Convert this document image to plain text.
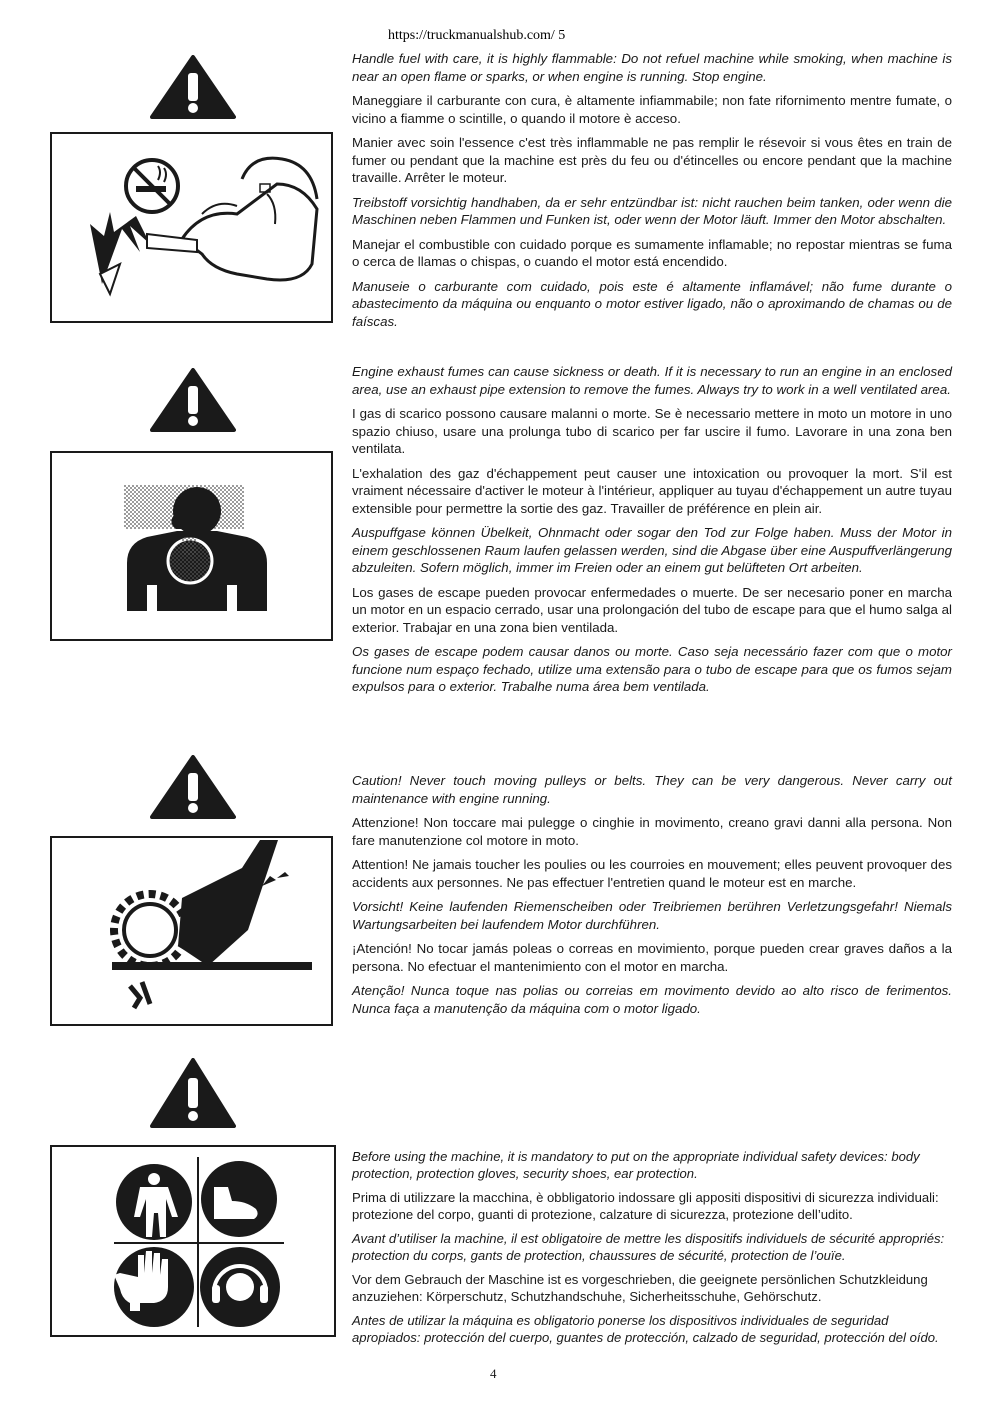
https://truckmanualshub.com/ 5

Handle fuel with care, it is highly flammable: Do not refuel machine while smoking, when machine is near an open flame or sparks, or when engine is running. Stop engine.

Maneggiare il carburante con cura, è altamente infiammabile; non fate rifornimento mentre fumate, o vicino a fiamme o scintille, o quando il motore è acceso.

Manier avec soin l'essence c'est très inflammable ne pas remplir le résevoir si vous êtes en train de fumer ou pendant que la machine est près du feu ou d'étincelles ou encore pendant que la machine travaille. Arrêter le moteur.

Treibstoff vorsichtig handhaben, da er sehr entzündbar ist: nicht rauchen beim tanken, oder wenn die Maschinen neben Flammen und Funken ist, oder wenn der Motor läuft. Immer den Motor abschalten.

Manejar el combustible con cuidado porque es sumamente inflamable; no repostar mientras se fuma o cerca de llamas o chispas, o cuando el motor está encendido.

Manuseie o carburante com cuidado, pois este é altamente inflamável; não fume durante o abastecimento da máquina ou enquanto o motor estiver ligado, não o aproximando de chamas ou de faíscas.

Engine exhaust fumes can cause sickness or death. If it is necessary to run an engine in an enclosed area, use an exhaust pipe extension to remove the fumes. Always try to work in a well ventilated area.

I gas di scarico possono causare malanni o morte. Se è necessario mettere in moto un motore in uno spazio chiuso, usare una prolunga tubo di scarico per far uscire il fumo. Lavorare in una zona ben ventilata.

L'exhalation des gaz d'échappement peut causer une intoxication ou provoquer la mort. S'il est vraiment nécessaire d'activer le moteur à l'intérieur, appliquer au tuyau d'échappement un autre tuyau extensible pour permettre la sortie des gaz. Travailler de préférence en plein air.

Auspuffgase können Übelkeit, Ohnmacht oder sogar den Tod zur Folge haben. Muss der Motor in einem geschlossenen Raum laufen gelassen werden, sind die Abgase über eine Auspuffverlängerung abzuleiten. Sofern möglich, immer im Freien oder an einem gut belüfteten Ort arbeiten.

Los gases de escape pueden provocar enfermedades o muerte. De ser necesario poner en marcha un motor en un espacio cerrado, usar una prolongación del tubo de escape para que el humo salga al exterior. Trabajar en una zona bien ventilada.

Os gases de escape podem causar danos ou morte. Caso seja necessário fazer com que o motor funcione num espaço fechado, utilize uma extensão para o tubo de escape para que os fumos sejam expulsos para o exterior. Trabalhe numa área bem ventilada.

Caution! Never touch moving pulleys or belts. They can be very dangerous. Never carry out maintenance with engine running.

Attenzione! Non toccare mai pulegge o cinghie in movimento, creano gravi danni alla persona. Non fare manutenzione col motore in moto.

Attention! Ne jamais toucher les poulies ou les courroies en mouvement; elles peuvent provoquer des accidents aux personnes. Ne pas effectuer l'entretien quand le moteur est en marche.

Vorsicht! Keine laufenden Riemenscheiben oder Treibriemen berühren Verletzungsgefahr! Niemals Wartungsarbeiten bei laufendem Motor durchführen.

¡Atención! No tocar jamás poleas o correas en movimiento, porque pueden crear graves daños a la persona. No efectuar el mantenimiento con el motor en marcha.

Atenção! Nunca toque nas polias ou correias em movimento devido ao alto risco de ferimentos. Nunca faça a manutenção da máquina com o motor ligado.

Before using the machine, it is mandatory to put on the appropriate individual safety devices: body protection, protection gloves, security shoes, ear protection.

Prima di utilizzare la macchina, è obbligatorio indossare gli appositi dispositivi di sicurezza individuali: protezione del corpo, guanti di protezione, calzature di sicurezza, protezione dell’udito.

Avant d’utiliser la machine, il est obligatoire de mettre les dispositifs individuels de sécurité appropriés: protection du corps, gants de protection, chaussures de sécurité, protection de l’ouïe.

Vor dem Gebrauch der Maschine ist es vorgeschrieben, die geeignete persönlichen Schutzkleidung anzuziehen: Körperschutz, Schutzhandschuhe, Sicherheitsschuhe, Gehörschutz.

Antes de utilizar la máquina es obligatorio ponerse los dispositivos individuales de seguridad apropiados: protección del cuerpo, guantes de protección, calzado de seguridad, protección del oído.

4
